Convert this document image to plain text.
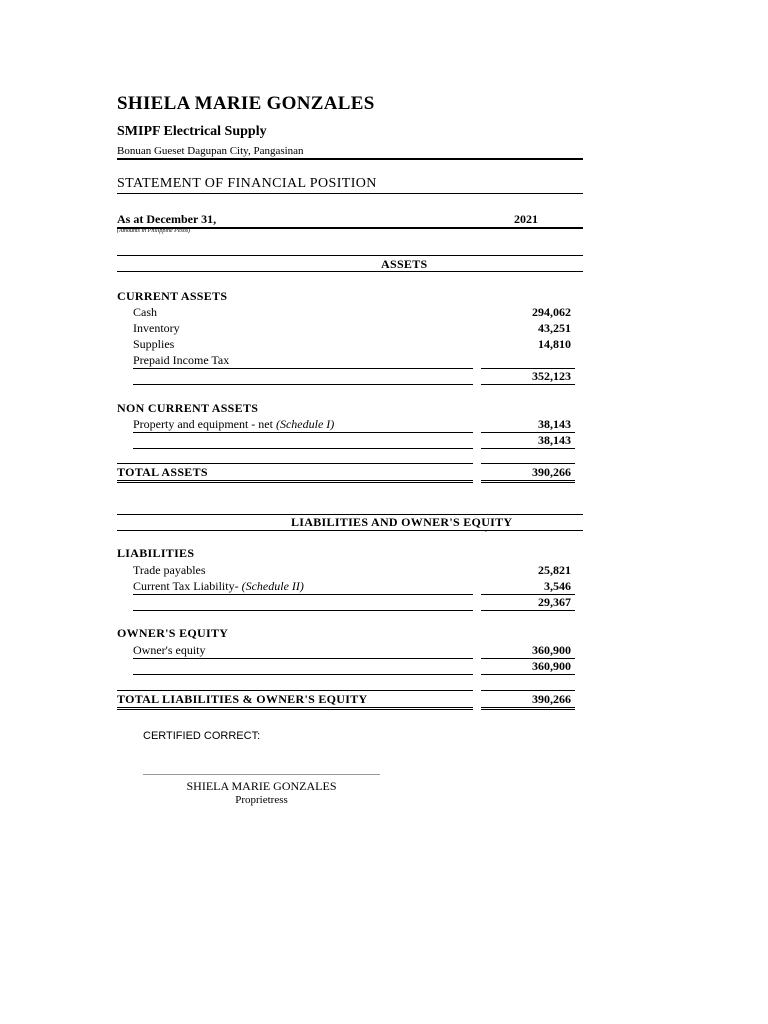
SHIELA MARIE GONZALES
SMIPF Electrical Supply
Bonuan Gueset Dagupan City, Pangasinan
STATEMENT OF FINANCIAL POSITION
As at December 31,	2021
(Amounts in Philippine Pesos)
ASSETS
CURRENT ASSETS
Cash	294,062
Inventory	43,251
Supplies	14,810
Prepaid Income Tax
352,123
NON CURRENT ASSETS
Property and equipment - net (Schedule I)	38,143
38,143
TOTAL ASSETS	390,266
LIABILITIES AND OWNER'S EQUITY
`
LIABILITIES
Trade payables	25,821
Current Tax Liability- (Schedule II)	3,546
29,367
OWNER'S EQUITY
Owner's equity	360,900
360,900
TOTAL LIABILITIES & OWNER'S EQUITY	390,266
CERTIFIED CORRECT:
SHIELA MARIE GONZALES
Proprietress
